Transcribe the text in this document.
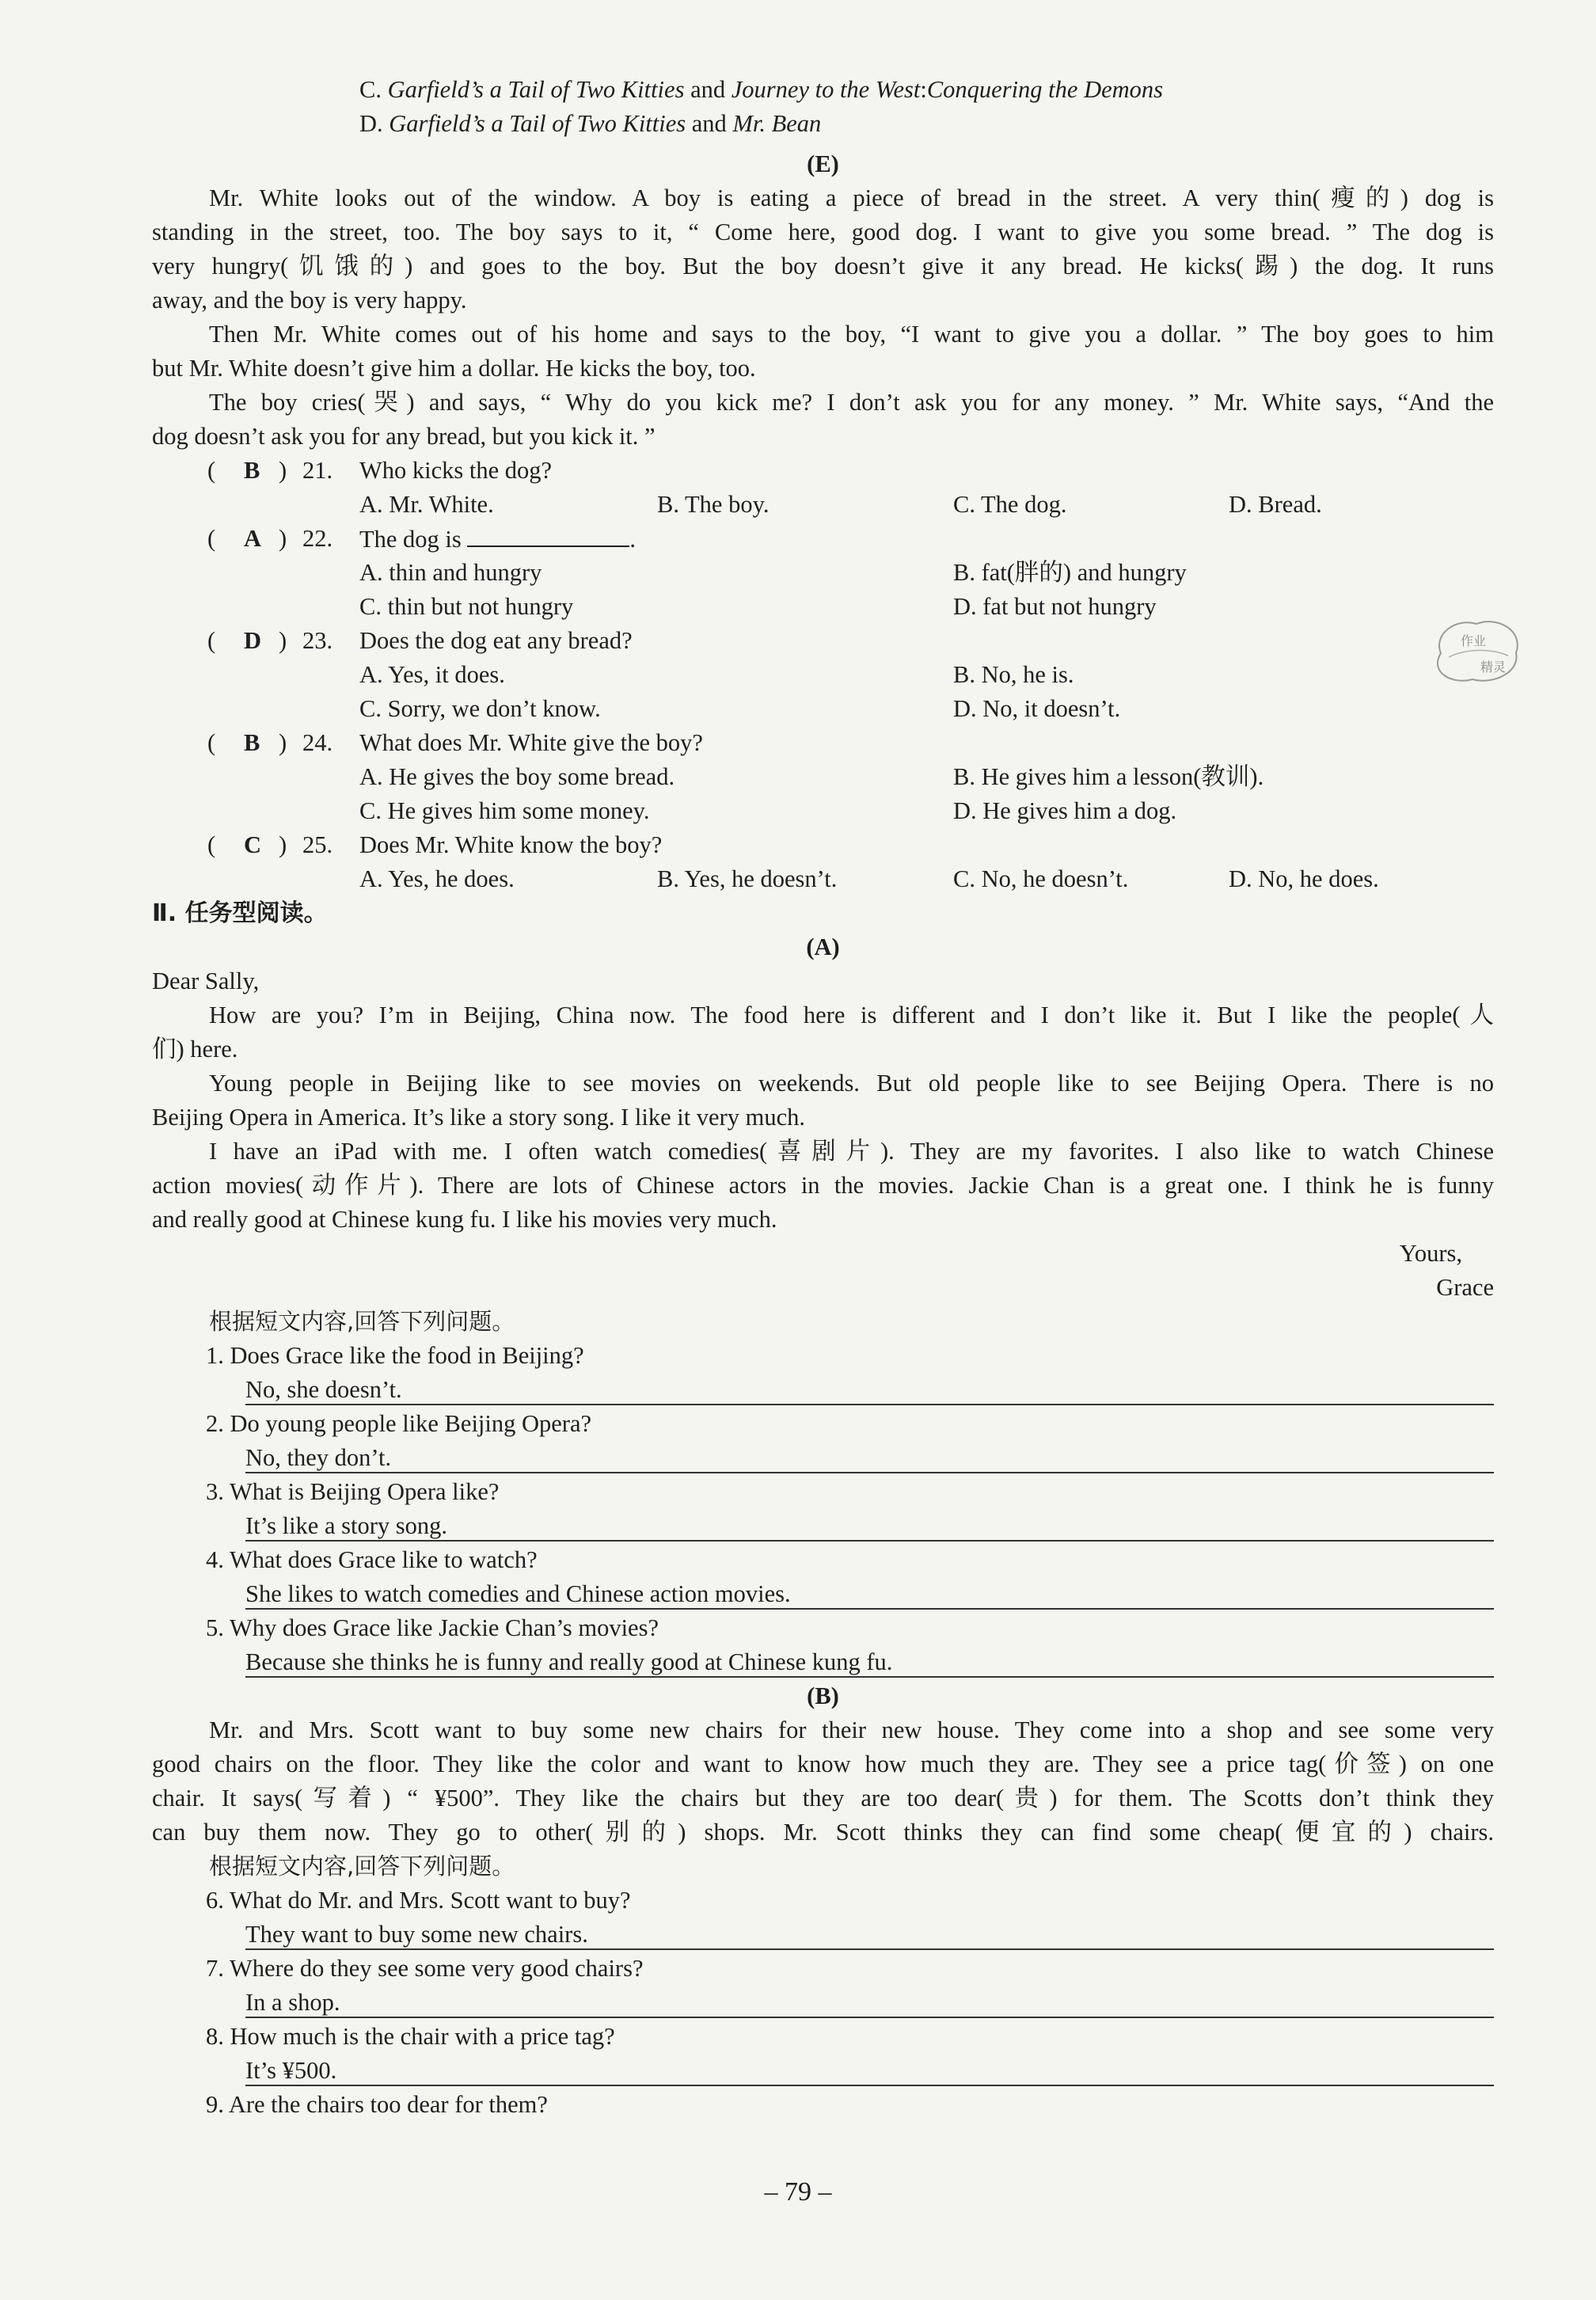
C. Garfield’s a Tail of Two Kitties and Journey to the West:Conquering the Demons
D. Garfield’s a Tail of Two Kitties and Mr. Bean
(E)
Mr. White looks out of the window. A boy is eating a piece of bread in the street. A very thin(瘦的) dog is
standing in the street, too. The boy says to it, “ Come here, good dog. I want to give you some bread. ” The dog is
very hungry(饥饿的) and goes to the boy. But the boy doesn’t give it any bread. He kicks(踢) the dog. It runs
away, and the boy is very happy.
Then Mr. White comes out of his home and says to the boy, “I want to give you a dollar. ” The boy goes to him
but Mr. White doesn’t give him a dollar. He kicks the boy, too.
The boy cries(哭) and says, “ Why do you kick me? I don’t ask you for any money. ” Mr. White says, “And the
dog doesn’t ask you for any bread, but you kick it. ”
( B ) 21. Who kicks the dog?
A. Mr. White.	B. The boy.	C. The dog.	D. Bread.
( A ) 22. The dog is	.
A. thin and hungry	B. fat(胖的) and hungry
C. thin but not hungry	D. fat but not hungry
( D ) 23. Does the dog eat any bread?
A. Yes, it does.	B. No, he is.
C. Sorry, we don’t know.	D. No, it doesn’t.
( B ) 24. What does Mr. White give the boy?
A. He gives the boy some bread.	B. He gives him a lesson(教训).
C. He gives him some money.	D. He gives him a dog.
( C ) 25. Does Mr. White know the boy?
A. Yes, he does.	B. Yes, he doesn’t.	C. No, he doesn’t.	D. No, he does.
Ⅱ. 任务型阅读。
(A)
Dear Sally,
How are you? I’m in Beijing, China now. The food here is different and I don’t like it. But I like the people(人
们) here.
Young people in Beijing like to see movies on weekends. But old people like to see Beijing Opera. There is no
Beijing Opera in America. It’s like a story song. I like it very much.
I have an iPad with me. I often watch comedies(喜剧片). They are my favorites. I also like to watch Chinese
action movies(动作片). There are lots of Chinese actors in the movies. Jackie Chan is a great one. I think he is funny
and really good at Chinese kung fu. I like his movies very much.
Yours,
Grace
根据短文内容,回答下列问题。
1. Does Grace like the food in Beijing?
No, she doesn’t.
2. Do young people like Beijing Opera?
No, they don’t.
3. What is Beijing Opera like?
It’s like a story song.
4. What does Grace like to watch?
She likes to watch comedies and Chinese action movies.
5. Why does Grace like Jackie Chan’s movies?
Because she thinks he is funny and really good at Chinese kung fu.
(B)
Mr. and Mrs. Scott want to buy some new chairs for their new house. They come into a shop and see some very
good chairs on the floor. They like the color and want to know how much they are. They see a price tag(价签) on one
chair. It says(写着) “ ¥500”. They like the chairs but they are too dear(贵) for them. The Scotts don’t think they
can buy them now. They go to other(别的) shops. Mr. Scott thinks they can find some cheap(便宜的) chairs.
根据短文内容,回答下列问题。
6. What do Mr. and Mrs. Scott want to buy?
They want to buy some new chairs.
7. Where do they see some very good chairs?
In a shop.
8. How much is the chair with a price tag?
It’s ¥500.
9. Are the chairs too dear for them?
作业
精灵
– 79 –
